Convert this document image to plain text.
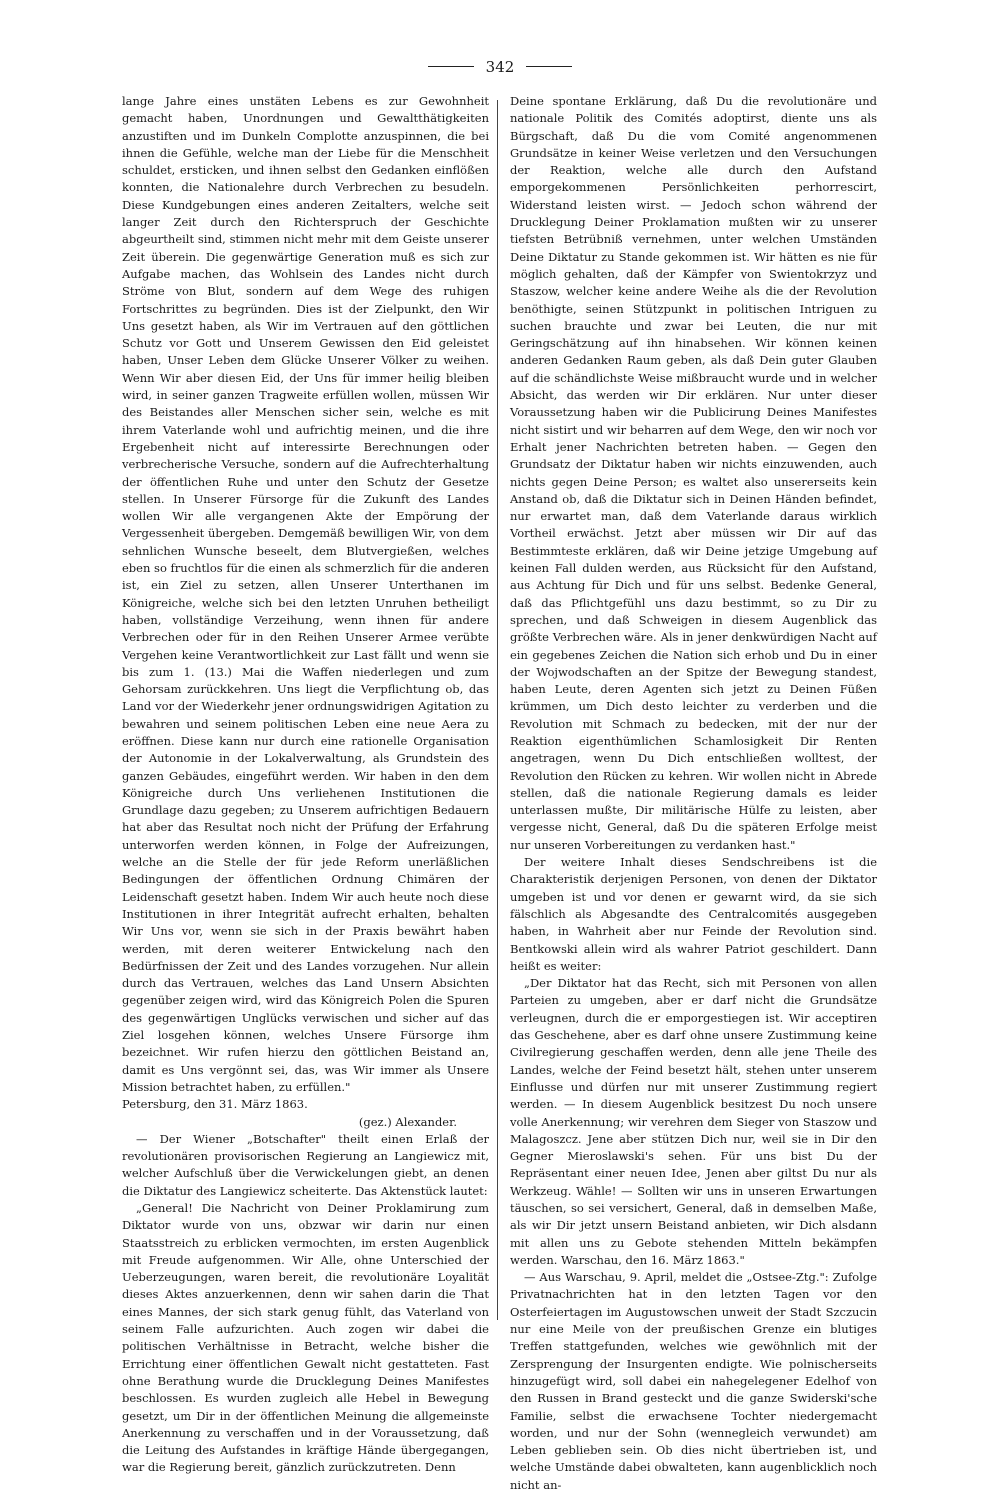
342

lange Jahre eines unstäten Lebens es zur Gewohnheit gemacht haben, Unordnungen und Gewaltthätigkeiten anzustiften und im Dunkeln Complotte anzuspinnen, die bei ihnen die Gefühle, welche man der Liebe für die Menschheit schuldet, ersticken, und ihnen selbst den Gedanken einflößen konnten, die Nationalehre durch Verbrechen zu besudeln. Diese Kundgebungen eines anderen Zeitalters, welche seit langer Zeit durch den Richterspruch der Geschichte abgeurtheilt sind, stimmen nicht mehr mit dem Geiste unserer Zeit überein. Die gegenwärtige Generation muß es sich zur Aufgabe machen, das Wohlsein des Landes nicht durch Ströme von Blut, sondern auf dem Wege des ruhigen Fortschrittes zu begründen. Dies ist der Zielpunkt, den Wir Uns gesetzt haben, als Wir im Vertrauen auf den göttlichen Schutz vor Gott und Unserem Gewissen den Eid geleistet haben, Unser Leben dem Glücke Unserer Völker zu weihen. Wenn Wir aber diesen Eid, der Uns für immer heilig bleiben wird, in seiner ganzen Tragweite erfüllen wollen, müssen Wir des Beistandes aller Menschen sicher sein, welche es mit ihrem Vaterlande wohl und aufrichtig meinen, und die ihre Ergebenheit nicht auf interessirte Berechnungen oder verbrecherische Versuche, sondern auf die Aufrechterhaltung der öffentlichen Ruhe und unter den Schutz der Gesetze stellen. In Unserer Fürsorge für die Zukunft des Landes wollen Wir alle vergangenen Akte der Empörung der Vergessenheit übergeben. Demgemäß bewilligen Wir, von dem sehnlichen Wunsche beseelt, dem Blutvergießen, welches eben so fruchtlos für die einen als schmerzlich für die anderen ist, ein Ziel zu setzen, allen Unserer Unterthanen im Königreiche, welche sich bei den letzten Unruhen betheiligt haben, vollständige Verzeihung, wenn ihnen für andere Verbrechen oder für in den Reihen Unserer Armee verübte Vergehen keine Verantwortlichkeit zur Last fällt und wenn sie bis zum 1. (13.) Mai die Waffen niederlegen und zum Gehorsam zurückkehren. Uns liegt die Verpflichtung ob, das Land vor der Wiederkehr jener ordnungswidrigen Agitation zu bewahren und seinem politischen Leben eine neue Aera zu eröffnen. Diese kann nur durch eine rationelle Organisation der Autonomie in der Lokalverwaltung, als Grundstein des ganzen Gebäudes, eingeführt werden. Wir haben in den dem Königreiche durch Uns verliehenen Institutionen die Grundlage dazu gegeben; zu Unserem aufrichtigen Bedauern hat aber das Resultat noch nicht der Prüfung der Erfahrung unterworfen werden können, in Folge der Aufreizungen, welche an die Stelle der für jede Reform unerläßlichen Bedingungen der öffentlichen Ordnung Chimären der Leidenschaft gesetzt haben. Indem Wir auch heute noch diese Institutionen in ihrer Integrität aufrecht erhalten, behalten Wir Uns vor, wenn sie sich in der Praxis bewährt haben werden, mit deren weiterer Entwickelung nach den Bedürfnissen der Zeit und des Landes vorzugehen. Nur allein durch das Vertrauen, welches das Land Unsern Absichten gegenüber zeigen wird, wird das Königreich Polen die Spuren des gegenwärtigen Unglücks verwischen und sicher auf das Ziel losgehen können, welches Unsere Fürsorge ihm bezeichnet. Wir rufen hierzu den göttlichen Beistand an, damit es Uns vergönnt sei, das, was Wir immer als Unsere Mission betrachtet haben, zu erfüllen."

Petersburg, den 31. März 1863.

(gez.) Alexander.

— Der Wiener „Botschafter" theilt einen Erlaß der revolutionären provisorischen Regierung an Langiewicz mit, welcher Aufschluß über die Verwickelungen giebt, an denen die Diktatur des Langiewicz scheiterte. Das Aktenstück lautet:

„General! Die Nachricht von Deiner Proklamirung zum Diktator wurde von uns, obzwar wir darin nur einen Staatsstreich zu erblicken vermochten, im ersten Augenblick mit Freude aufgenommen. Wir Alle, ohne Unterschied der Ueberzeugungen, waren bereit, die revolutionäre Loyalität dieses Aktes anzuerkennen, denn wir sahen darin die That eines Mannes, der sich stark genug fühlt, das Vaterland von seinem Falle aufzurichten. Auch zogen wir dabei die politischen Verhältnisse in Betracht, welche bisher die Errichtung einer öffentlichen Gewalt nicht gestatteten. Fast ohne Berathung wurde die Drucklegung Deines Manifestes beschlossen. Es wurden zugleich alle Hebel in Bewegung gesetzt, um Dir in der öffentlichen Meinung die allgemeinste Anerkennung zu verschaffen und in der Voraussetzung, daß die Leitung des Aufstandes in kräftige Hände übergegangen, war die Regierung bereit, gänzlich zurückzutreten. Denn

Deine spontane Erklärung, daß Du die revolutionäre und nationale Politik des Comités adoptirst, diente uns als Bürgschaft, daß Du die vom Comité angenommenen Grundsätze in keiner Weise verletzen und den Versuchungen der Reaktion, welche alle durch den Aufstand emporgekommenen Persönlichkeiten perhorrescirt, Widerstand leisten wirst. — Jedoch schon während der Drucklegung Deiner Proklamation mußten wir zu unserer tiefsten Betrübniß vernehmen, unter welchen Umständen Deine Diktatur zu Stande gekommen ist. Wir hätten es nie für möglich gehalten, daß der Kämpfer von Swientokrzyz und Staszow, welcher keine andere Weihe als die der Revolution benöthigte, seinen Stützpunkt in politischen Intriguen zu suchen brauchte und zwar bei Leuten, die nur mit Geringschätzung auf ihn hinabsehen. Wir können keinen anderen Gedanken Raum geben, als daß Dein guter Glauben auf die schändlichste Weise mißbraucht wurde und in welcher Absicht, das werden wir Dir erklären. Nur unter dieser Voraussetzung haben wir die Publicirung Deines Manifestes nicht sistirt und wir beharren auf dem Wege, den wir noch vor Erhalt jener Nachrichten betreten haben. — Gegen den Grundsatz der Diktatur haben wir nichts einzuwenden, auch nichts gegen Deine Person; es waltet also unsererseits kein Anstand ob, daß die Diktatur sich in Deinen Händen befindet, nur erwartet man, daß dem Vaterlande daraus wirklich Vortheil erwächst. Jetzt aber müssen wir Dir auf das Bestimmteste erklären, daß wir Deine jetzige Umgebung auf keinen Fall dulden werden, aus Rücksicht für den Aufstand, aus Achtung für Dich und für uns selbst. Bedenke General, daß das Pflichtgefühl uns dazu bestimmt, so zu Dir zu sprechen, und daß Schweigen in diesem Augenblick das größte Verbrechen wäre. Als in jener denkwürdigen Nacht auf ein gegebenes Zeichen die Nation sich erhob und Du in einer der Wojwodschaften an der Spitze der Bewegung standest, haben Leute, deren Agenten sich jetzt zu Deinen Füßen krümmen, um Dich desto leichter zu verderben und die Revolution mit Schmach zu bedecken, mit der nur der Reaktion eigenthümlichen Schamlosigkeit Dir Renten angetragen, wenn Du Dich entschließen wolltest, der Revolution den Rücken zu kehren. Wir wollen nicht in Abrede stellen, daß die nationale Regierung damals es leider unterlassen mußte, Dir militärische Hülfe zu leisten, aber vergesse nicht, General, daß Du die späteren Erfolge meist nur unseren Vorbereitungen zu verdanken hast."

Der weitere Inhalt dieses Sendschreibens ist die Charakteristik derjenigen Personen, von denen der Diktator umgeben ist und vor denen er gewarnt wird, da sie sich fälschlich als Abgesandte des Centralcomités ausgegeben haben, in Wahrheit aber nur Feinde der Revolution sind. Bentkowski allein wird als wahrer Patriot geschildert. Dann heißt es weiter:

„Der Diktator hat das Recht, sich mit Personen von allen Parteien zu umgeben, aber er darf nicht die Grundsätze verleugnen, durch die er emporgestiegen ist. Wir acceptiren das Geschehene, aber es darf ohne unsere Zustimmung keine Civilregierung geschaffen werden, denn alle jene Theile des Landes, welche der Feind besetzt hält, stehen unter unserem Einflusse und dürfen nur mit unserer Zustimmung regiert werden. — In diesem Augenblick besitzest Du noch unsere volle Anerkennung; wir verehren dem Sieger von Staszow und Malagoszcz. Jene aber stützen Dich nur, weil sie in Dir den Gegner Mieroslawski's sehen. Für uns bist Du der Repräsentant einer neuen Idee, Jenen aber giltst Du nur als Werkzeug. Wähle! — Sollten wir uns in unseren Erwartungen täuschen, so sei versichert, General, daß in demselben Maße, als wir Dir jetzt unsern Beistand anbieten, wir Dich alsdann mit allen uns zu Gebote stehenden Mitteln bekämpfen werden. Warschau, den 16. März 1863."

— Aus Warschau, 9. April, meldet die „Ostsee-Ztg.": Zufolge Privatnachrichten hat in den letzten Tagen vor den Osterfeiertagen im Augustowschen unweit der Stadt Szczucin nur eine Meile von der preußischen Grenze ein blutiges Treffen stattgefunden, welches wie gewöhnlich mit der Zersprengung der Insurgenten endigte. Wie polnischerseits hinzugefügt wird, soll dabei ein nahegelegener Edelhof von den Russen in Brand gesteckt und die ganze Swiderski'sche Familie, selbst die erwachsene Tochter niedergemacht worden, und nur der Sohn (wennegleich verwundet) am Leben geblieben sein. Ob dies nicht übertrieben ist, und welche Umstände dabei obwalteten, kann augenblicklich noch nicht an-
